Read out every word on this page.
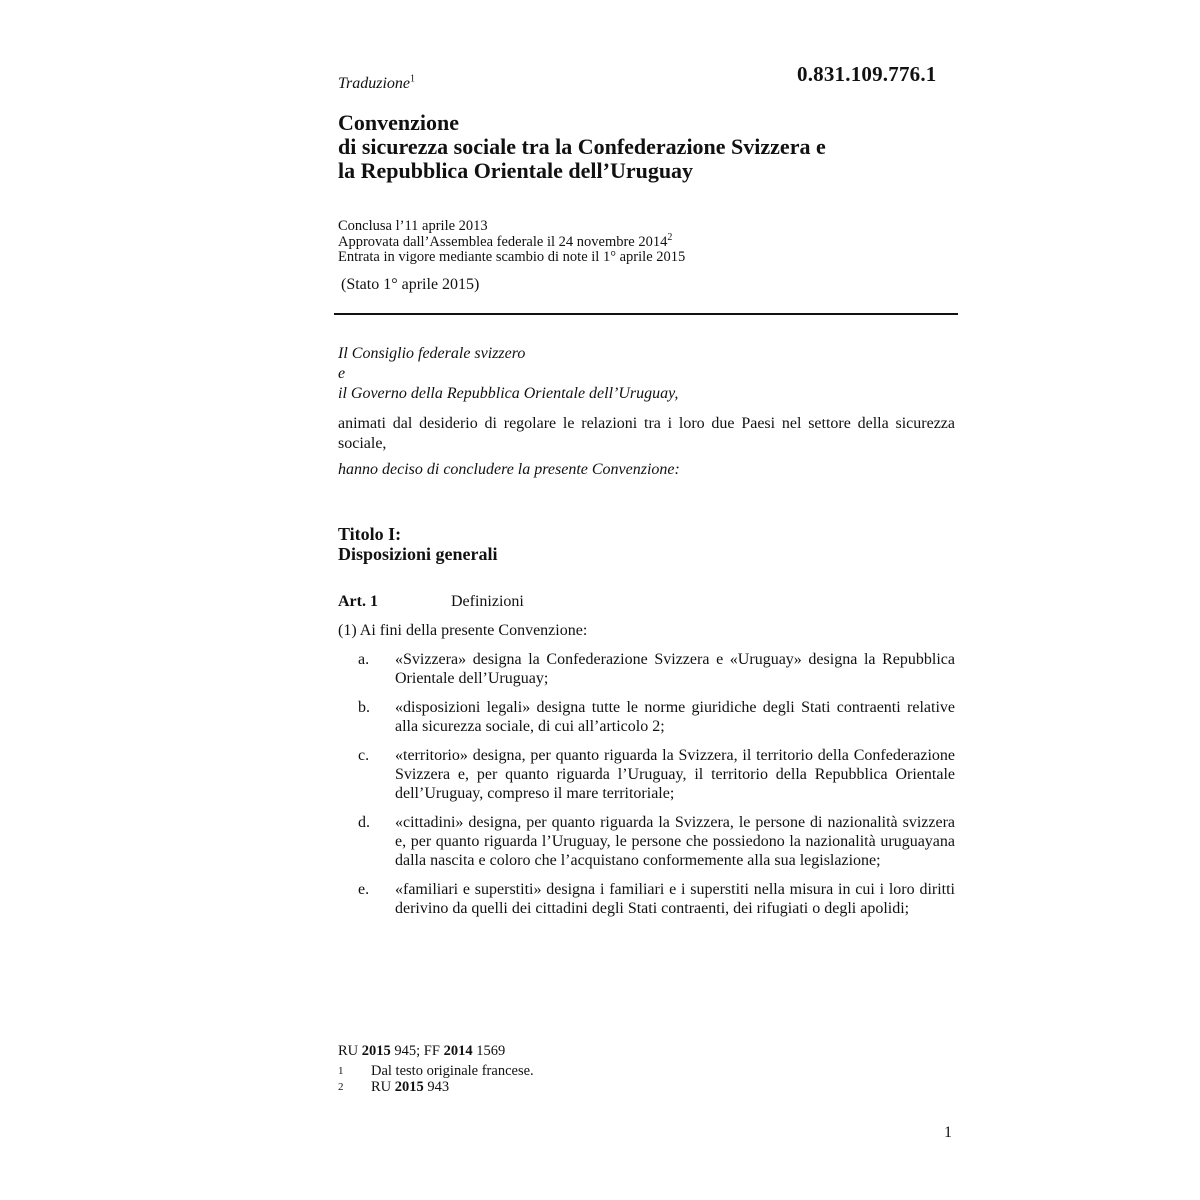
0.831.109.776.1
Traduzione$^1$
Convenzione
di sicurezza sociale tra la Confederazione Svizzera e
la Repubblica Orientale dell’Uruguay
Conclusa l’11 aprile 2013
Approvata dall’Assemblea federale il 24 novembre 2014$^2$
Entrata in vigore mediante scambio di note il 1° aprile 2015
(Stato 1° aprile 2015)
Il Consiglio federale svizzero
e
il Governo della Repubblica Orientale dell’Uruguay,
animati dal desiderio di regolare le relazioni tra i loro due Paesi nel settore della sicurezza sociale,
hanno deciso di concludere la presente Convenzione:
Titolo I:
Disposizioni generali
Art. 1	Definizioni
(1) Ai fini della presente Convenzione:
a. «Svizzera» designa la Confederazione Svizzera e «Uruguay» designa la Repubblica Orientale dell’Uruguay;
b. «disposizioni legali» designa tutte le norme giuridiche degli Stati contraenti relative alla sicurezza sociale, di cui all’articolo 2;
c. «territorio» designa, per quanto riguarda la Svizzera, il territorio della Confederazione Svizzera e, per quanto riguarda l’Uruguay, il territorio della Repubblica Orientale dell’Uruguay, compreso il mare territoriale;
d. «cittadini» designa, per quanto riguarda la Svizzera, le persone di nazionalità svizzera e, per quanto riguarda l’Uruguay, le persone che possiedono la nazionalità uruguayana dalla nascita e coloro che l’acquistano conformemente alla sua legislazione;
e. «familiari e superstiti» designa i familiari e i superstiti nella misura in cui i loro diritti derivino da quelli dei cittadini degli Stati contraenti, dei rifugiati o degli apolidi;
RU 2015 945; FF 2014 1569
1 Dal testo originale francese.
2 RU 2015 943
1
